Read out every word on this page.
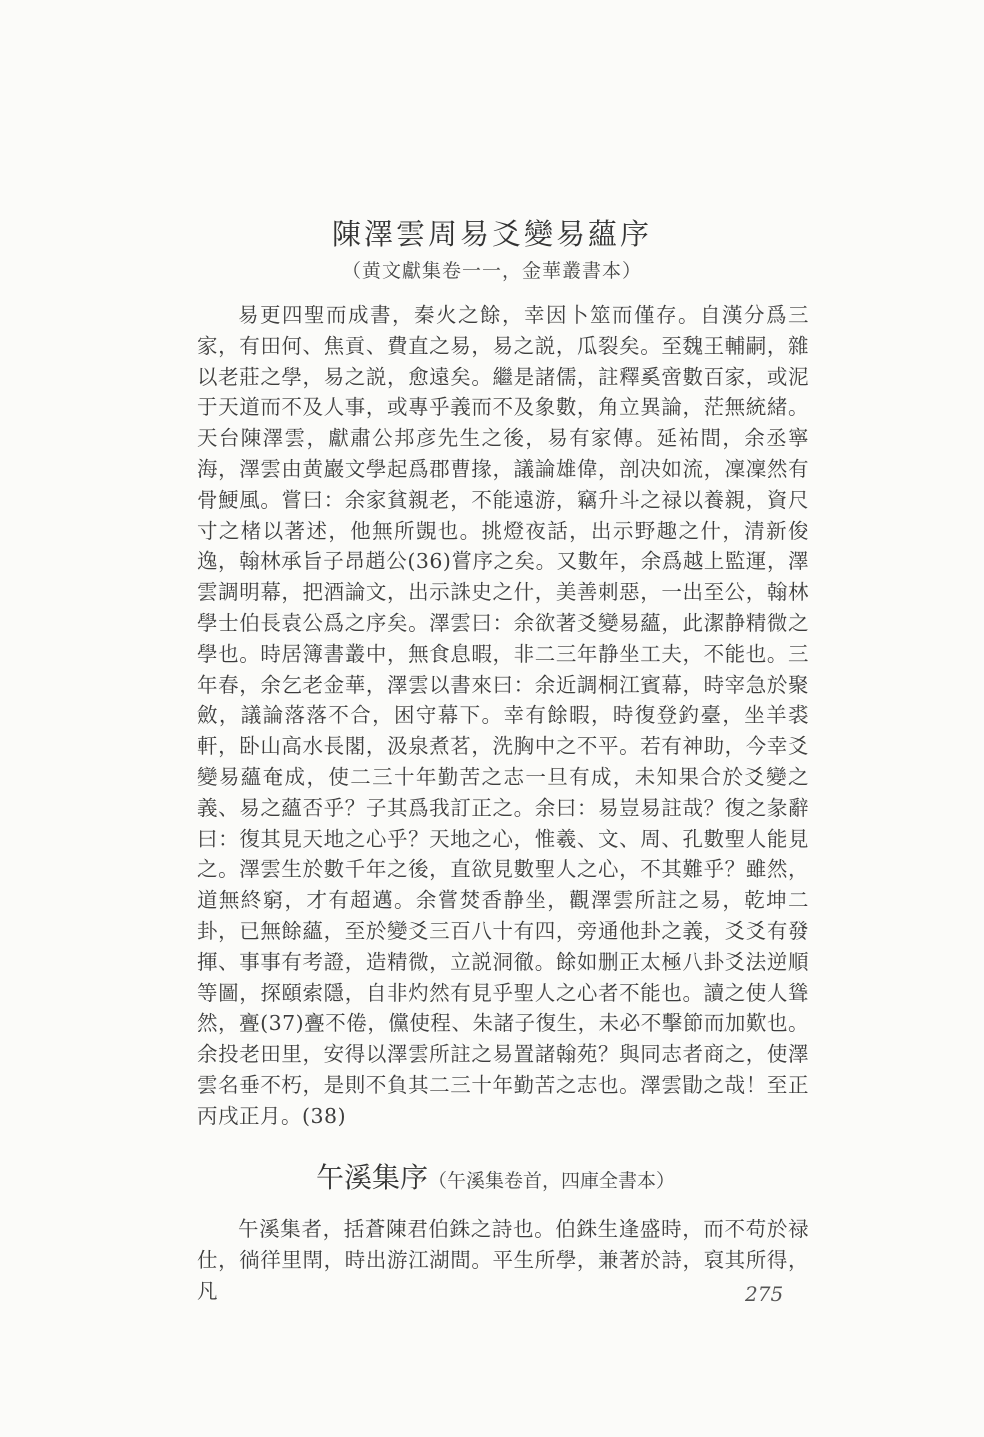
陳澤雲周易爻變易蘊序
（黄文獻集卷一一，金華叢書本）

易更四聖而成書，秦火之餘，幸因卜筮而僅存。自漢分爲三家，有田何、焦貢、費直之易，易之説，瓜裂矣。至魏王輔嗣，雜以老莊之學，易之説，愈遠矣。繼是諸儒，註釋奚啻數百家，或泥于天道而不及人事，或專乎義而不及象數，角立異論，茫無統緒。天台陳澤雲，獻肅公邦彦先生之後，易有家傳。延祐間，余丞寧海，澤雲由黄巖文學起爲郡曹掾，議論雄偉，剖决如流，凜凜然有骨鯁風。嘗曰：余家貧親老，不能遠游，竊升斗之禄以養親，資尺寸之楮以著述，他無所覬也。挑燈夜話，出示野趣之什，清新俊逸，翰林承旨子昂趙公(36)嘗序之矣。又數年，余爲越上監運，澤雲調明幕，把酒論文，出示誅史之什，美善刺惡，一出至公，翰林學士伯長袁公爲之序矣。澤雲曰：余欲著爻變易蘊，此潔静精微之學也。時居簿書叢中，無食息暇，非二三年静坐工夫，不能也。三年春，余乞老金華，澤雲以書來曰：余近調桐江賓幕，時宰急於聚斂，議論落落不合，困守幕下。幸有餘暇，時復登釣臺，坐羊裘軒，卧山高水長閣，汲泉煮茗，洗胸中之不平。若有神助，今幸爻變易蘊奄成，使二三十年勤苦之志一旦有成，未知果合於爻變之義、易之蘊否乎？子其爲我訂正之。余曰：易豈易註哉？復之彖辭曰：復其見天地之心乎？天地之心，惟羲、文、周、孔數聖人能見之。澤雲生於數千年之後，直欲見數聖人之心，不其難乎？雖然，道無終窮，才有超邁。余嘗焚香静坐，觀澤雲所註之易，乾坤二卦，已無餘蘊，至於變爻三百八十有四，旁通他卦之義，爻爻有發揮、事事有考證，造精微，立説洞徹。餘如删正太極八卦爻法逆順等圖，探頤索隱，自非灼然有見乎聖人之心者不能也。讀之使人聳然，亹(37)亹不倦，儻使程、朱諸子復生，未必不擊節而加歎也。余投老田里，安得以澤雲所註之易置諸翰苑？與同志者商之，使澤雲名垂不朽，是則不負其二三十年勤苦之志也。澤雲勖之哉！至正丙戌正月。(38)

午溪集序（午溪集卷首，四庫全書本）

午溪集者，括蒼陳君伯銖之詩也。伯銖生逢盛時，而不苟於禄仕，徜徉里閈，時出游江湖間。平生所學，兼著於詩，裒其所得，凡	275
